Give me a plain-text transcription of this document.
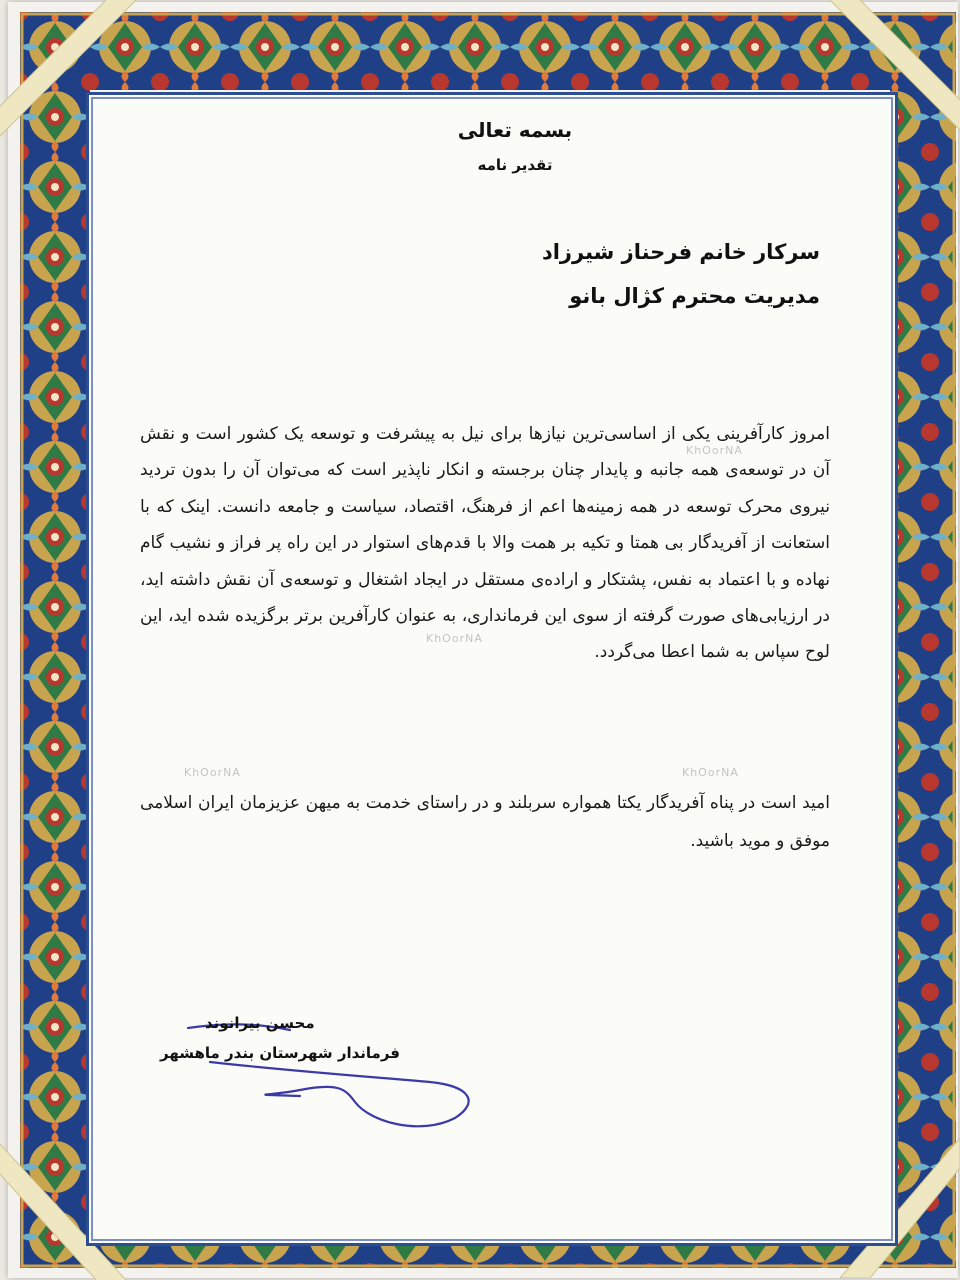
بسمه تعالی
تقدیر نامه
سرکار خانم فرحناز شیرزاد
مدیریت محترم کژال بانو
امروز کارآفرینی یکی از اساسی‌ترین نیازها برای نیل به پیشرفت و توسعه یک کشور است و نقش آن در توسعه‌ی همه جانبه و پایدار چنان برجسته و انکار ناپذیر است که می‌توان آن را بدون تردید نیروی محرک توسعه در همه زمینه‌ها اعم از فرهنگ، اقتصاد، سیاست و جامعه دانست. اینک که با استعانت از آفریدگار بی همتا و تکیه بر همت والا با قدم‌های استوار در این راه پر فراز و نشیب گام نهاده و با اعتماد به نفس، پشتکار و اراده‌ی مستقل در ایجاد اشتغال و توسعه‌ی آن نقش داشته اید، در ارزیابی‌های صورت گرفته از سوی این فرمانداری، به عنوان کارآفرین برتر برگزیده شده اید، این لوح سپاس به شما اعطا می‌گردد.
امید است در پناه آفریدگار یکتا همواره سربلند و در راستای خدمت به میهن عزیزمان ایران اسلامی موفق و موید باشید.
محسن بیرانوند
فرماندار شهرستان بندر ماهشهر
KhOorNA
KhOorNA
KhOorNA
KhOorNA
